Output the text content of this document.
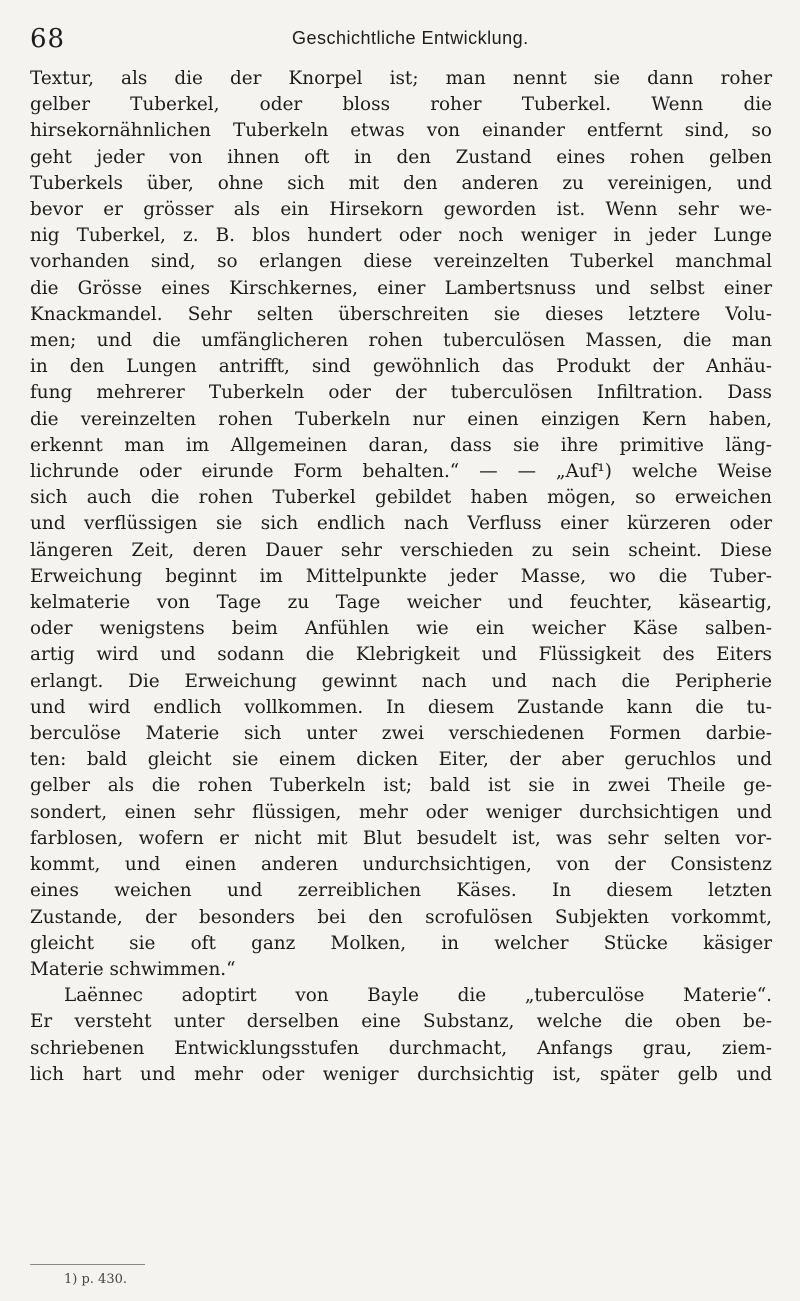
68	Geschichtliche Entwicklung.
Textur, als die der Knorpel ist; man nennt sie dann roher
gelber Tuberkel, oder bloss roher Tuberkel. Wenn die
hirsekornähnlichen Tuberkeln etwas von einander entfernt sind, so
geht jeder von ihnen oft in den Zustand eines rohen gelben
Tuberkels über, ohne sich mit den anderen zu vereinigen, und
bevor er grösser als ein Hirsekorn geworden ist. Wenn sehr we-
nig Tuberkel, z. B. blos hundert oder noch weniger in jeder Lunge
vorhanden sind, so erlangen diese vereinzelten Tuberkel manchmal
die Grösse eines Kirschkernes, einer Lambertsnuss und selbst einer
Knackmandel. Sehr selten überschreiten sie dieses letztere Volu-
men; und die umfänglicheren rohen tuberculösen Massen, die man
in den Lungen antrifft, sind gewöhnlich das Produkt der Anhäu-
fung mehrerer Tuberkeln oder der tuberculösen Infiltration. Dass
die vereinzelten rohen Tuberkeln nur einen einzigen Kern haben,
erkennt man im Allgemeinen daran, dass sie ihre primitive läng-
lichrunde oder eirunde Form behalten.“ — — „Auf¹) welche Weise
sich auch die rohen Tuberkel gebildet haben mögen, so erweichen
und verflüssigen sie sich endlich nach Verfluss einer kürzeren oder
längeren Zeit, deren Dauer sehr verschieden zu sein scheint. Diese
Erweichung beginnt im Mittelpunkte jeder Masse, wo die Tuber-
kelmaterie von Tage zu Tage weicher und feuchter, käseartig,
oder wenigstens beim Anfühlen wie ein weicher Käse salben-
artig wird und sodann die Klebrigkeit und Flüssigkeit des Eiters
erlangt. Die Erweichung gewinnt nach und nach die Peripherie
und wird endlich vollkommen. In diesem Zustande kann die tu-
berculöse Materie sich unter zwei verschiedenen Formen darbie-
ten: bald gleicht sie einem dicken Eiter, der aber geruchlos und
gelber als die rohen Tuberkeln ist; bald ist sie in zwei Theile ge-
sondert, einen sehr flüssigen, mehr oder weniger durchsichtigen und
farblosen, wofern er nicht mit Blut besudelt ist, was sehr selten vor-
kommt, und einen anderen undurchsichtigen, von der Consistenz
eines weichen und zerreiblichen Käses. In diesem letzten
Zustande, der besonders bei den scrofulösen Subjekten vorkommt,
gleicht sie oft ganz Molken, in welcher Stücke käsiger
Materie schwimmen.“
Laënnec adoptirt von Bayle die „tuberculöse Materie“.
Er versteht unter derselben eine Substanz, welche die oben be-
schriebenen Entwicklungsstufen durchmacht, Anfangs grau, ziem-
lich hart und mehr oder weniger durchsichtig ist, später gelb und
1) p. 430.
